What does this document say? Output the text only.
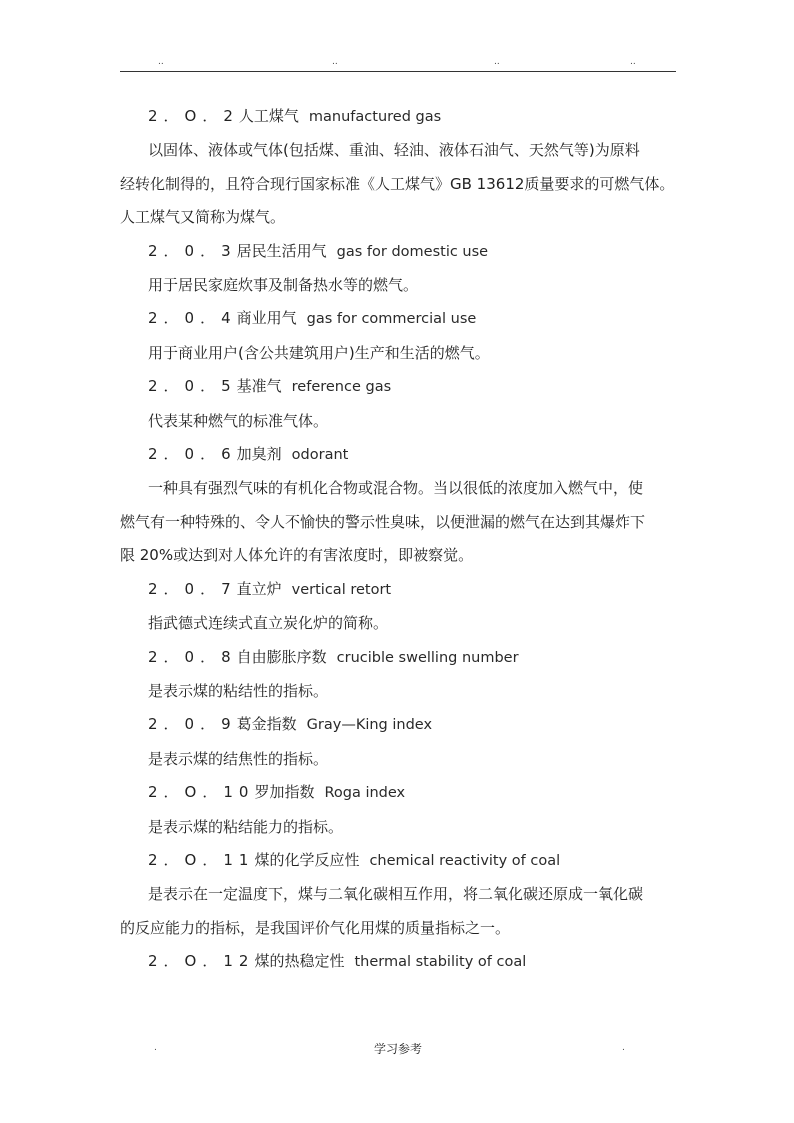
..	..	..	..
2．O．2人工煤气 manufactured gas
以固体、液体或气体(包括煤、重油、轻油、液体石油气、天然气等)为原料
经转化制得的，且符合现行国家标准《人工煤气》GB 13612质量要求的可燃气体。
人工煤气又简称为煤气。
2．0．3居民生活用气 gas for domestic use
用于居民家庭炊事及制备热水等的燃气。
2．0．4商业用气 gas for commercial use
用于商业用户(含公共建筑用户)生产和生活的燃气。
2．0．5基准气 reference gas
代表某种燃气的标准气体。
2．0．6加臭剂 odorant
一种具有强烈气味的有机化合物或混合物。当以很低的浓度加入燃气中，使
燃气有一种特殊的、令人不愉快的警示性臭味，以便泄漏的燃气在达到其爆炸下
限 20%或达到对人体允许的有害浓度时，即被察觉。
2．0．7直立炉 vertical retort
指武德式连续式直立炭化炉的简称。
2．0．8自由膨胀序数 crucible swelling number
是表示煤的粘结性的指标。
2．0．9葛金指数 Gray—King index
是表示煤的结焦性的指标。
2．O．10罗加指数 Roga index
是表示煤的粘结能力的指标。
2．O．11煤的化学反应性 chemical reactivity of coal
是表示在一定温度下，煤与二氧化碳相互作用，将二氧化碳还原成一氧化碳
的反应能力的指标，是我国评价气化用煤的质量指标之一。
2．O．12煤的热稳定性 thermal stability of coal
.	学习参考	.
